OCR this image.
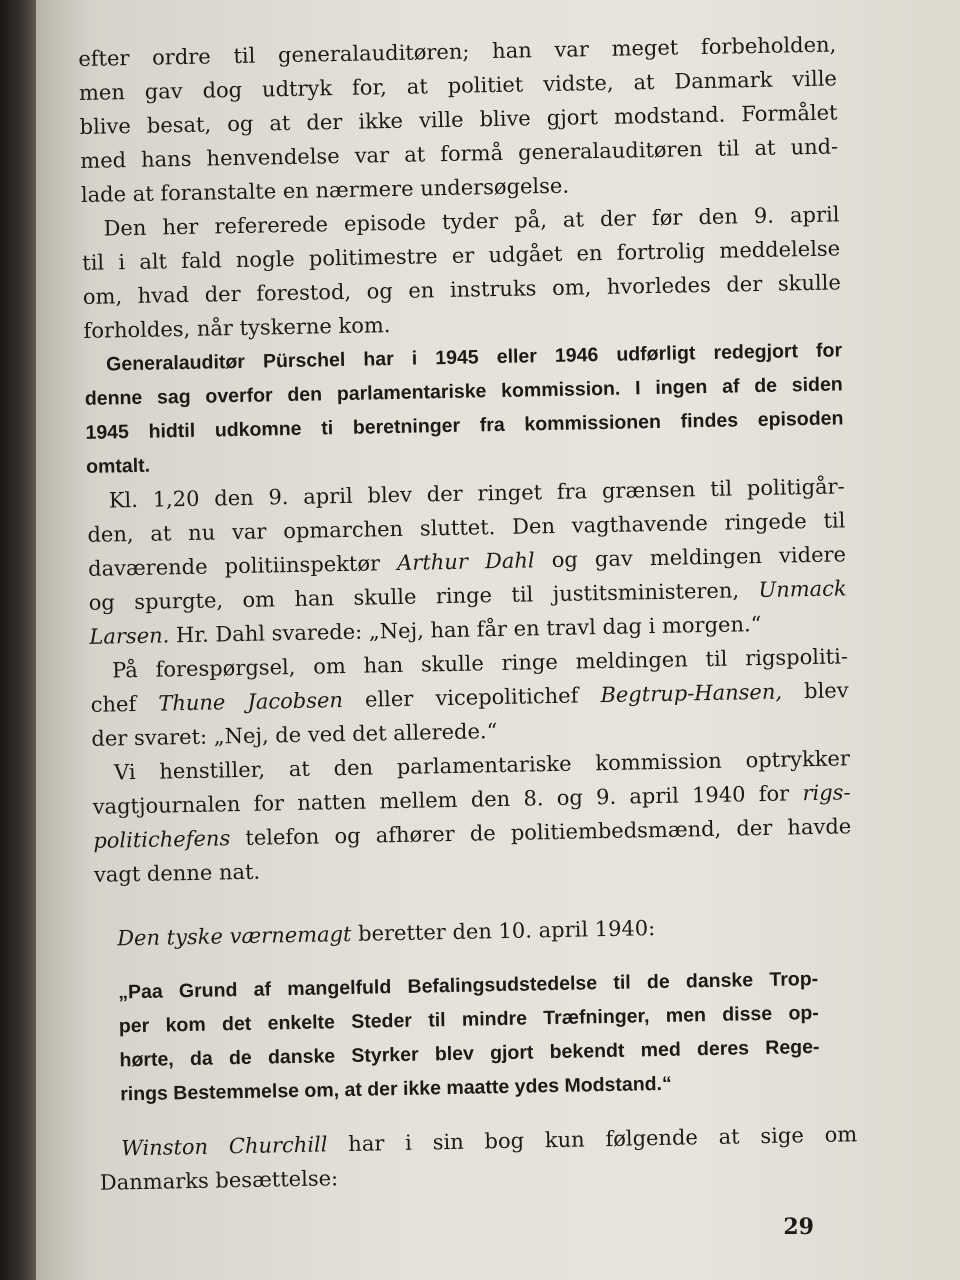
efter ordre til generalauditøren; han var meget forbeholden,
men gav dog udtryk for, at politiet vidste, at Danmark ville
blive besat, og at der ikke ville blive gjort modstand. Formålet
med hans henvendelse var at formå generalauditøren til at und-
lade at foranstalte en nærmere undersøgelse.
Den her refererede episode tyder på, at der før den 9. april
til i alt fald nogle politimestre er udgået en fortrolig meddelelse
om, hvad der forestod, og en instruks om, hvorledes der skulle
forholdes, når tyskerne kom.
Generalauditør Pürschel har i 1945 eller 1946 udførligt redegjort for
denne sag overfor den parlamentariske kommission. I ingen af de siden
1945 hidtil udkomne ti beretninger fra kommissionen findes episoden
omtalt.
Kl. 1,20 den 9. april blev der ringet fra grænsen til politigår-
den, at nu var opmarchen sluttet. Den vagthavende ringede til
daværende politiinspektør Arthur Dahl og gav meldingen videre
og spurgte, om han skulle ringe til justitsministeren, Unmack
Larsen. Hr. Dahl svarede: „Nej, han får en travl dag i morgen.“
På forespørgsel, om han skulle ringe meldingen til rigspoliti-
chef Thune Jacobsen eller vicepolitichef Begtrup-Hansen, blev
der svaret: „Nej, de ved det allerede.“
Vi henstiller, at den parlamentariske kommission optrykker
vagtjournalen for natten mellem den 8. og 9. april 1940 for rigs-
politichefens telefon og afhører de politiembedsmænd, der havde
vagt denne nat.
Den tyske værnemagt beretter den 10. april 1940:
„Paa Grund af mangelfuld Befalingsudstedelse til de danske Trop-
per kom det enkelte Steder til mindre Træfninger, men disse op-
hørte, da de danske Styrker blev gjort bekendt med deres Rege-
rings Bestemmelse om, at der ikke maatte ydes Modstand.“
Winston Churchill har i sin bog kun følgende at sige om
Danmarks besættelse:
29
